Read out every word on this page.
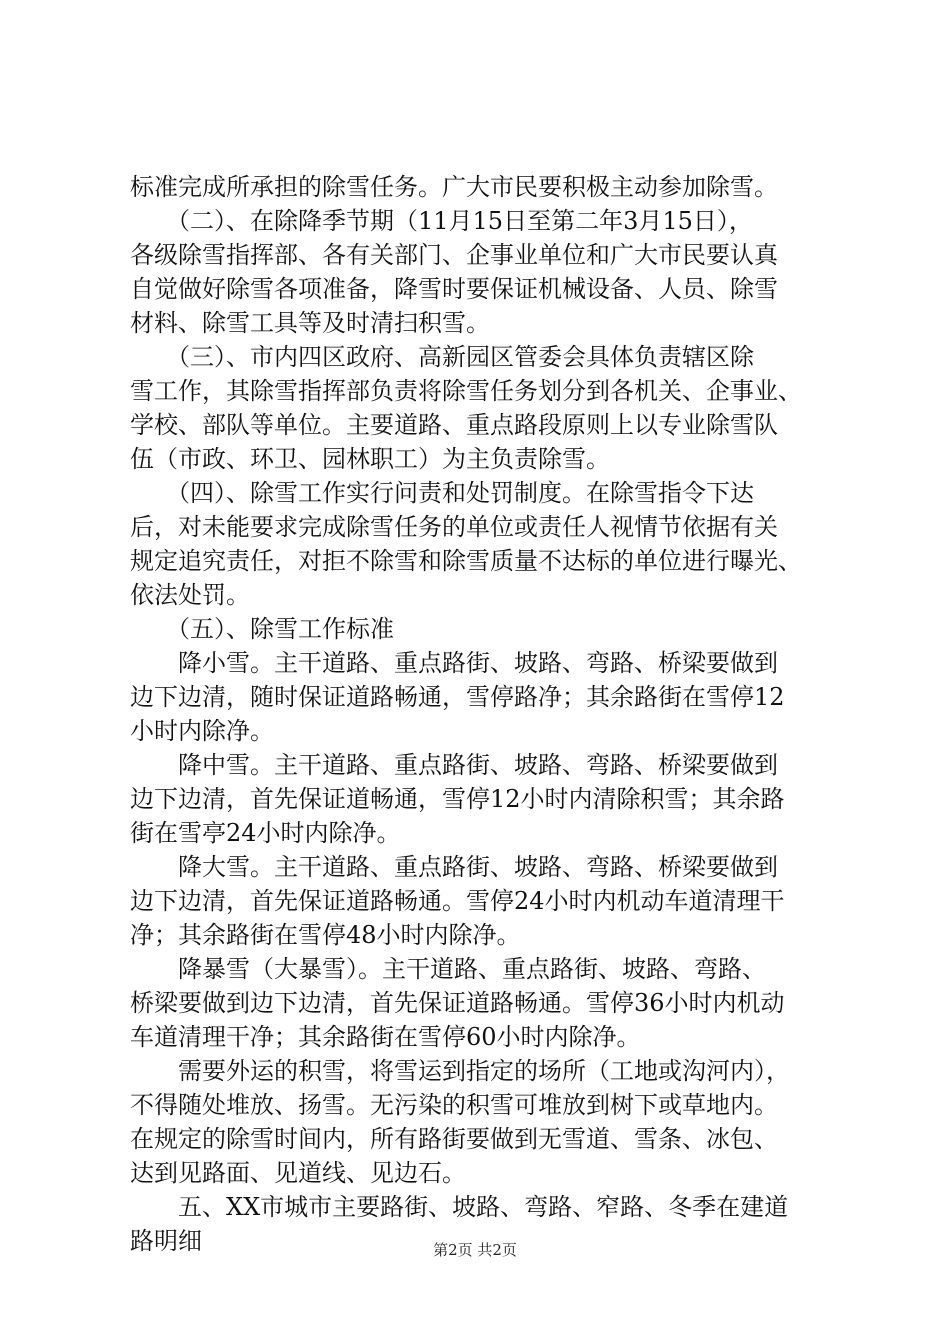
标准完成所承担的除雪任务。广大市民要积极主动参加除雪。
　　（二）、在除降季节期（11月15日至第二年3月15日），
各级除雪指挥部、各有关部门、企事业单位和广大市民要认真
自觉做好除雪各项准备，降雪时要保证机械设备、人员、除雪
材料、除雪工具等及时清扫积雪。
　　（三）、市内四区政府、高新园区管委会具体负责辖区除
雪工作，其除雪指挥部负责将除雪任务划分到各机关、企事业、
学校、部队等单位。主要道路、重点路段原则上以专业除雪队
伍（市政、环卫、园林职工）为主负责除雪。
　　（四）、除雪工作实行问责和处罚制度。在除雪指令下达
后，对未能要求完成除雪任务的单位或责任人视情节依据有关
规定追究责任，对拒不除雪和除雪质量不达标的单位进行曝光、
依法处罚。
　　（五）、除雪工作标准
　　降小雪。主干道路、重点路街、坡路、弯路、桥梁要做到
边下边清，随时保证道路畅通，雪停路净；其余路街在雪停12
小时内除净。
　　降中雪。主干道路、重点路街、坡路、弯路、桥梁要做到
边下边清，首先保证道畅通，雪停12小时内清除积雪；其余路
街在雪亭24小时内除净。
　　降大雪。主干道路、重点路街、坡路、弯路、桥梁要做到
边下边清，首先保证道路畅通。雪停24小时内机动车道清理干
净；其余路街在雪停48小时内除净。
　　降暴雪（大暴雪）。主干道路、重点路街、坡路、弯路、
桥梁要做到边下边清，首先保证道路畅通。雪停36小时内机动
车道清理干净；其余路街在雪停60小时内除净。
　　需要外运的积雪，将雪运到指定的场所（工地或沟河内），
不得随处堆放、扬雪。无污染的积雪可堆放到树下或草地内。
在规定的除雪时间内，所有路街要做到无雪道、雪条、冰包、
达到见路面、见道线、见边石。
　　五、XX市城市主要路街、坡路、弯路、窄路、冬季在建道
路明细	第2页 共2页
